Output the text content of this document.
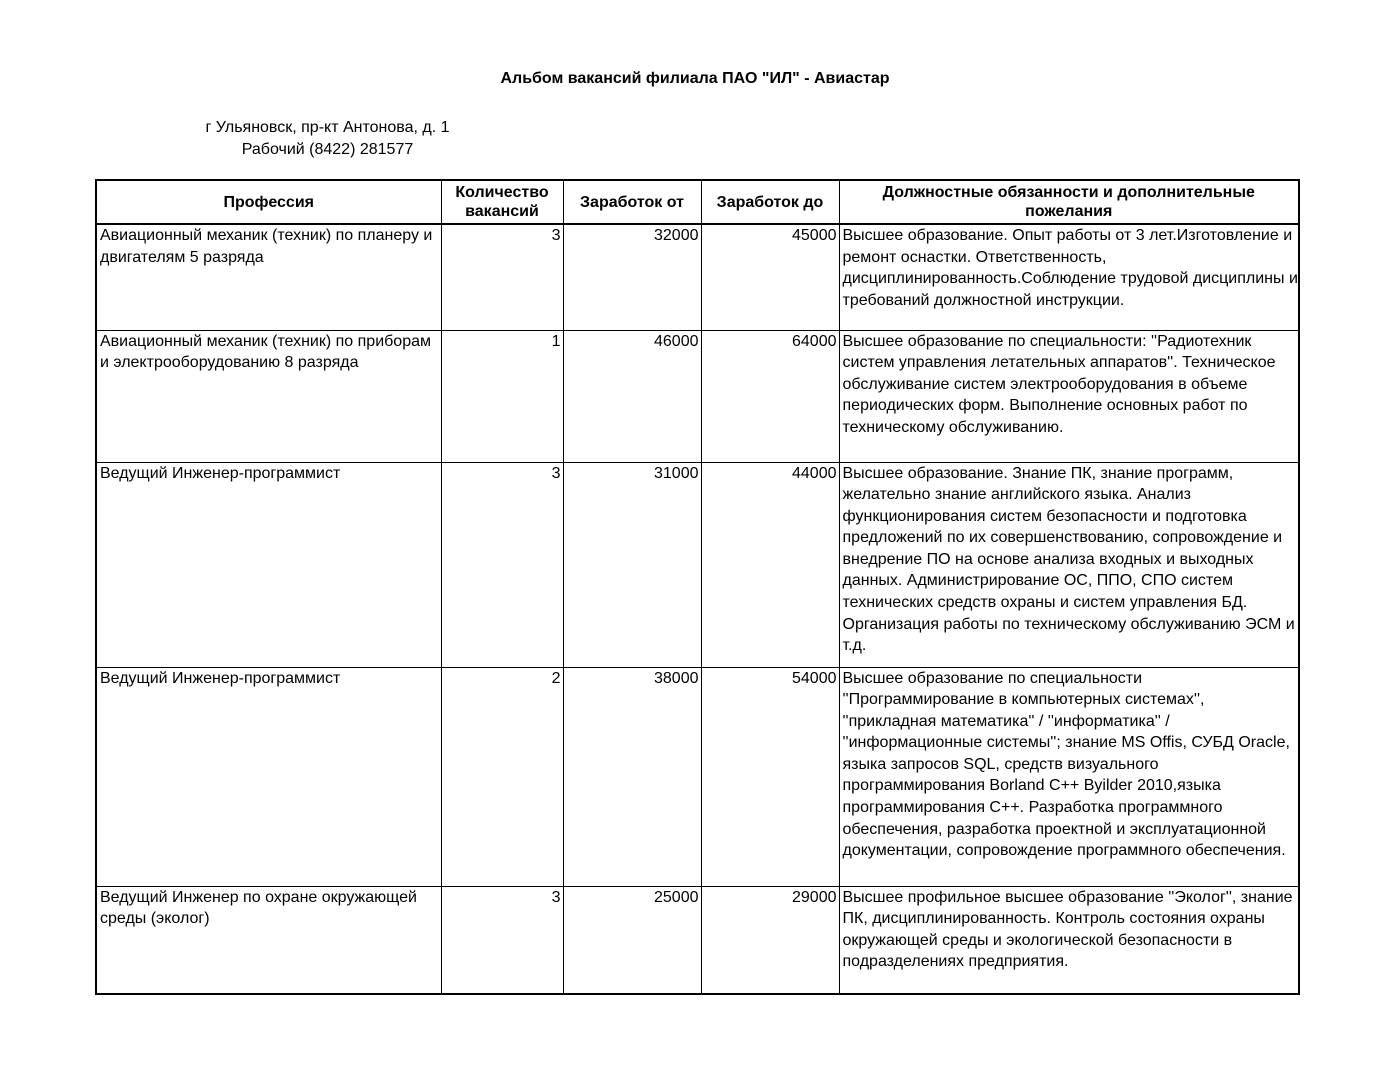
Альбом вакансий филиала ПАО "ИЛ" - Авиастар
г Ульяновск, пр-кт Антонова, д. 1
Рабочий (8422) 281577
Профессия	Количество вакансий	Заработок от	Заработок до	Должностные обязанности и дополнительные пожелания
Авиационный механик (техник) по планеру и двигателям 5 разряда	3	32000	45000	Высшее образование. Опыт работы от 3 лет.Изготовление и ремонт оснастки. Ответственность, дисциплинированность.Соблюдение трудовой дисциплины и требований должностной инструкции.
Авиационный механик (техник) по приборам и электрооборудованию 8 разряда	1	46000	64000	Высшее образование по специальности: ''Радиотехник систем управления летательных аппаратов''. Техническое обслуживание систем электрооборудования в объеме периодических форм. Выполнение основных работ по техническому обслуживанию.
Ведущий Инженер-программист	3	31000	44000	Высшее образование. Знание ПК, знание программ, желательно знание английского языка. Анализ функционирования систем безопасности и подготовка предложений по их совершенствованию, сопровождение и внедрение ПО на основе анализа входных и выходных данных. Администрирование ОС, ППО, СПО систем технических средств охраны и систем управления БД. Организация работы по техническому обслуживанию ЭСМ и т.д.
Ведущий Инженер-программист	2	38000	54000	Высшее образование по специальности ''Программирование в компьютерных системах'', ''прикладная математика'' / ''информатика'' / ''информационные системы''; знание MS Offis, СУБД Oracle, языка запросов SQL, средств визуального программирования Borland C++ Byilder 2010,языка программирования С++. Разработка программного обеспечения, разработка проектной и эксплуатационной документации, сопровождение программного обеспечения.
Ведущий Инженер по охране окружающей среды (эколог)	3	25000	29000	Высшее профильное высшее образование ''Эколог'', знание ПК, дисциплинированность. Контроль состояния охраны окружающей среды и экологической безопасности в подразделениях предприятия.
